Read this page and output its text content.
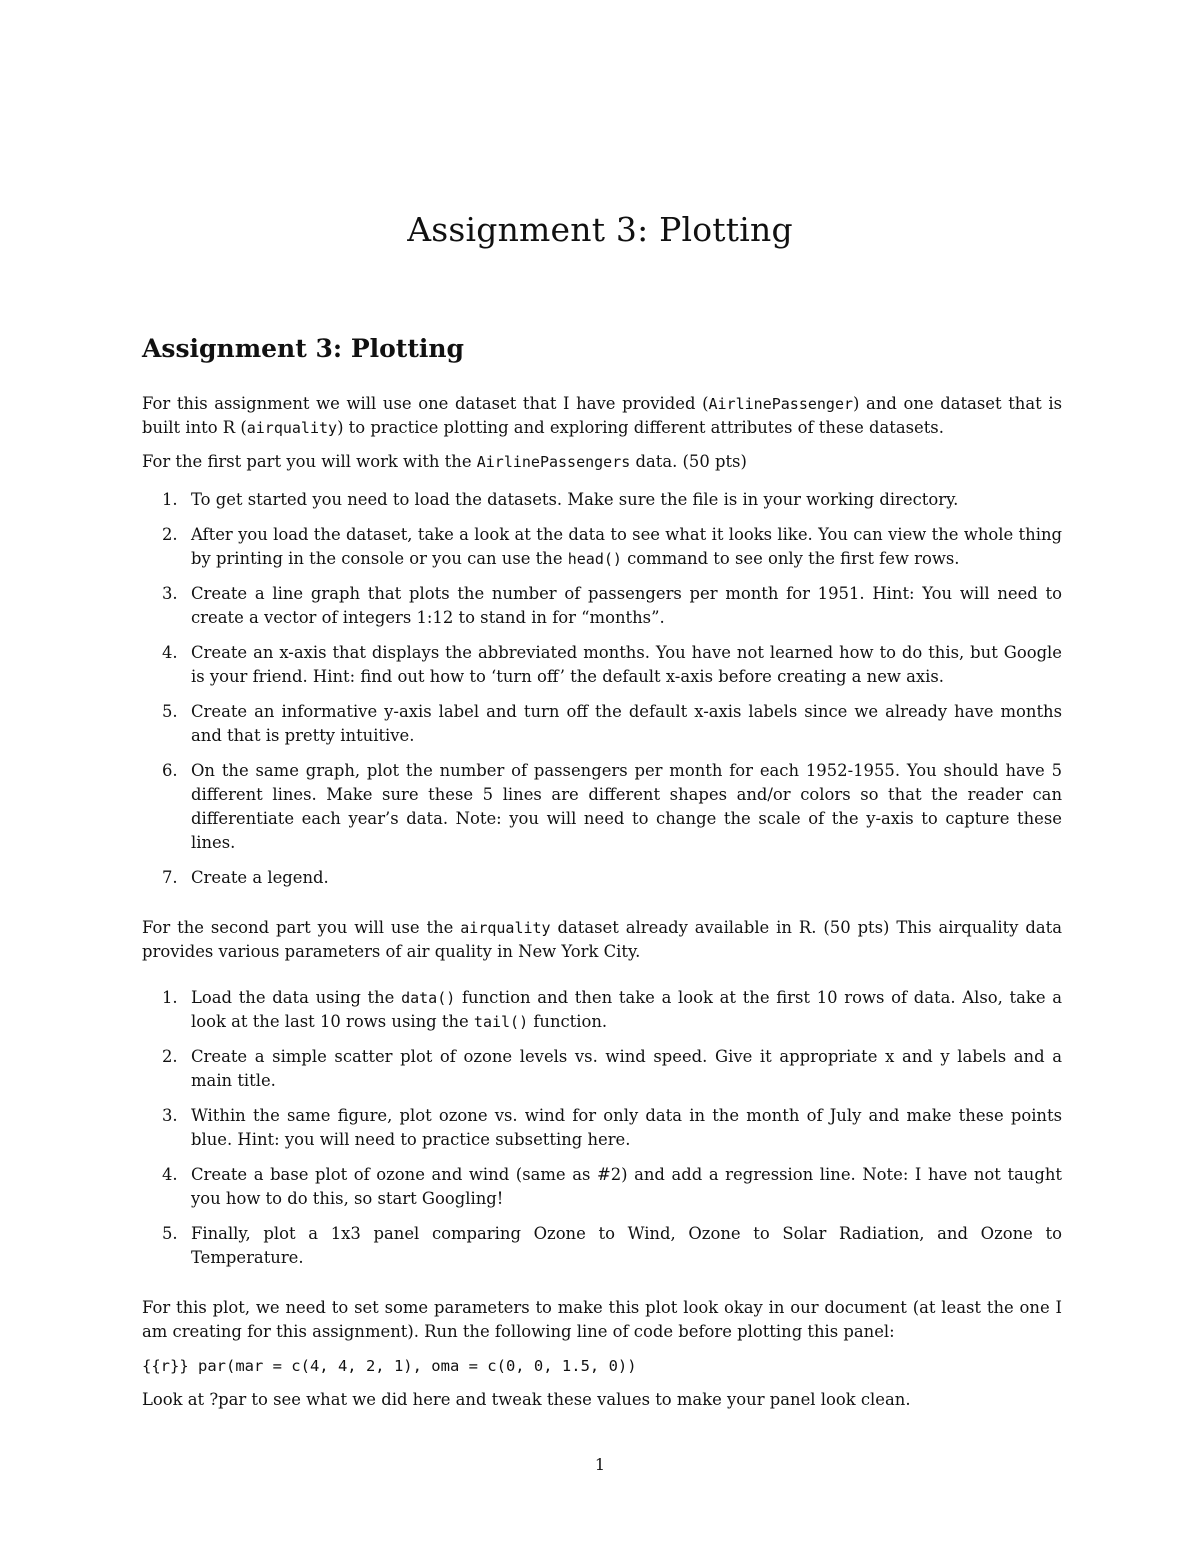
Assignment 3: Plotting
Assignment 3: Plotting

For this assignment we will use one dataset that I have provided (AirlinePassenger) and one dataset that is built into R (airquality) to practice plotting and exploring different attributes of these datasets.

For the first part you will work with the AirlinePassengers data. (50 pts)

1. To get started you need to load the datasets. Make sure the file is in your working directory.
2. After you load the dataset, take a look at the data to see what it looks like. You can view the whole thing by printing in the console or you can use the head() command to see only the first few rows.
3. Create a line graph that plots the number of passengers per month for 1951. Hint: You will need to create a vector of integers 1:12 to stand in for “months”.
4. Create an x-axis that displays the abbreviated months. You have not learned how to do this, but Google is your friend. Hint: find out how to ‘turn off’ the default x-axis before creating a new axis.
5. Create an informative y-axis label and turn off the default x-axis labels since we already have months and that is pretty intuitive.
6. On the same graph, plot the number of passengers per month for each 1952-1955. You should have 5 different lines. Make sure these 5 lines are different shapes and/or colors so that the reader can differentiate each year’s data. Note: you will need to change the scale of the y-axis to capture these lines.
7. Create a legend.

For the second part you will use the airquality dataset already available in R. (50 pts) This airquality data provides various parameters of air quality in New York City.

1. Load the data using the data() function and then take a look at the first 10 rows of data. Also, take a look at the last 10 rows using the tail() function.
2. Create a simple scatter plot of ozone levels vs. wind speed. Give it appropriate x and y labels and a main title.
3. Within the same figure, plot ozone vs. wind for only data in the month of July and make these points blue. Hint: you will need to practice subsetting here.
4. Create a base plot of ozone and wind (same as #2) and add a regression line. Note: I have not taught you how to do this, so start Googling!
5. Finally, plot a 1x3 panel comparing Ozone to Wind, Ozone to Solar Radiation, and Ozone to Temperature.

For this plot, we need to set some parameters to make this plot look okay in our document (at least the one I am creating for this assignment). Run the following line of code before plotting this panel:

{{r}} par(mar = c(4, 4, 2, 1), oma = c(0, 0, 1.5, 0))

Look at ?par to see what we did here and tweak these values to make your panel look clean.

1
